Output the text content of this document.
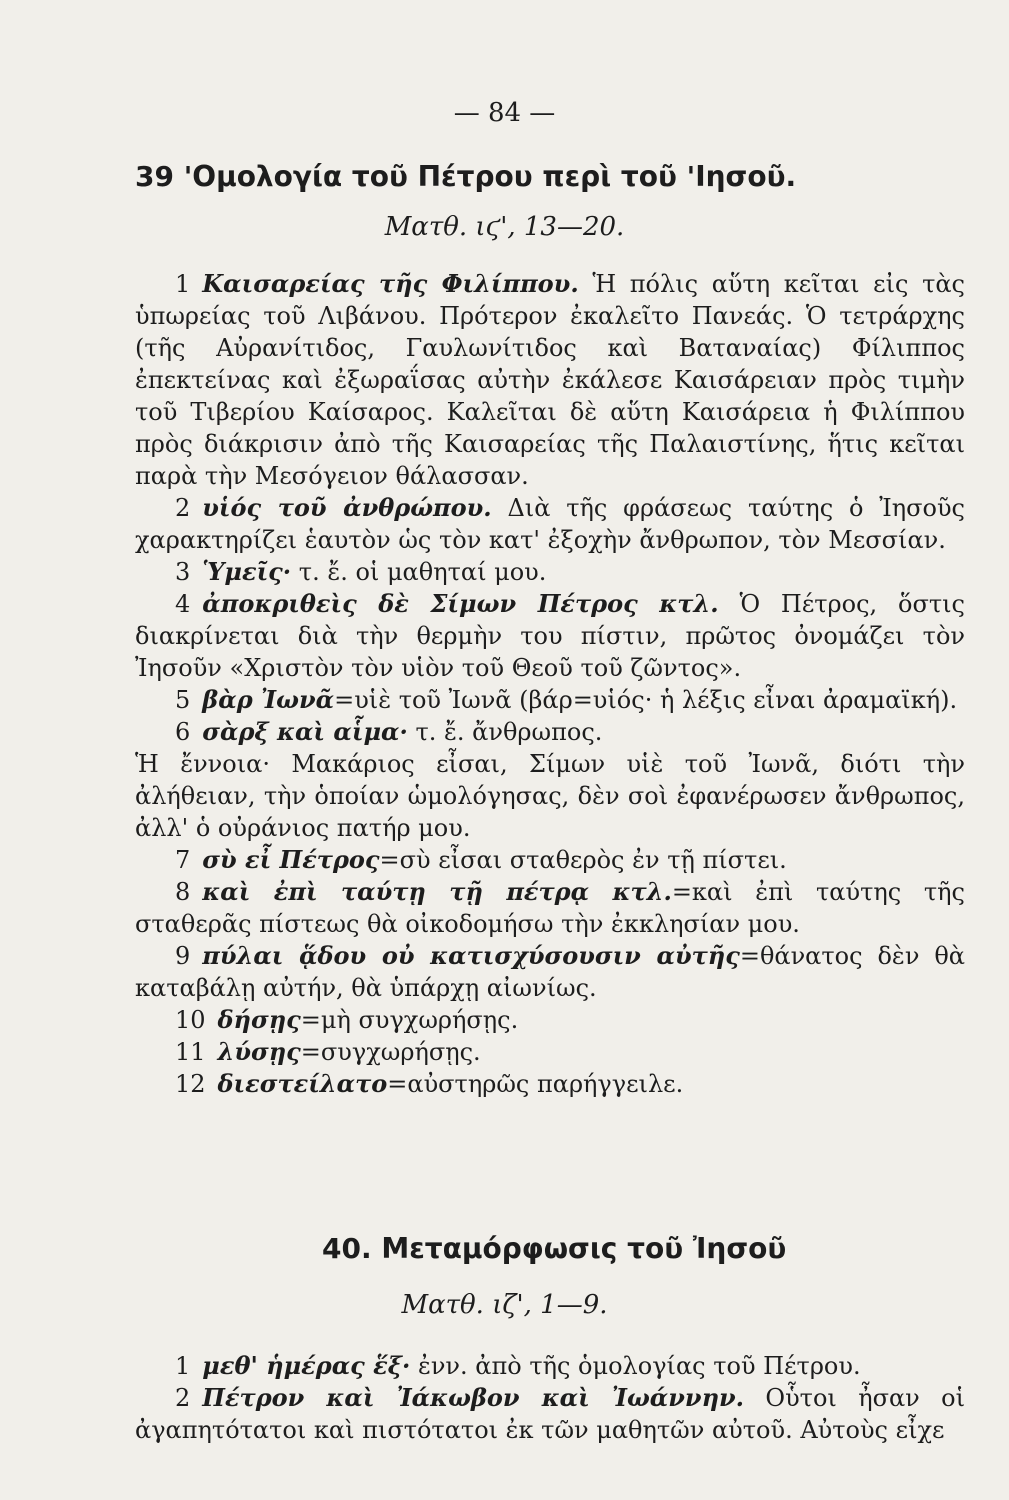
— 84 —
39 'Ομολογία τοῦ Πέτρου περὶ τοῦ 'Ιησοῦ.
Ματθ. ιϛ', 13—20.

1 Καισαρείας τῆς Φιλίππου. Ἡ πόλις αὕτη κεῖται εἰς τὰς ὑπωρείας τοῦ Λιβάνου. Πρότερον ἐκαλεῖτο Πανεάς. Ὁ τετράρχης (τῆς Αὐρανίτιδος, Γαυλωνίτιδος καὶ Βαταναίας) Φίλιππος ἐπεκτείνας καὶ ἐξωραΐσας αὐτὴν ἐκάλεσε Καισάρειαν πρὸς τιμὴν τοῦ Τιβερίου Καίσαρος. Καλεῖται δὲ αὕτη Καισάρεια ἡ Φιλίππου πρὸς διάκρισιν ἀπὸ τῆς Καισαρείας τῆς Παλαιστίνης, ἥτις κεῖται παρὰ τὴν Μεσόγειον θάλασσαν.

2 υἱός τοῦ ἀνθρώπου. Διὰ τῆς φράσεως ταύτης ὁ Ἰησοῦς χαρακτηρίζει ἑαυτὸν ὡς τὸν κατ' ἐξοχὴν ἄνθρωπον, τὸν Μεσσίαν.

3 Ὑμεῖς· τ. ἔ. οἱ μαθηταί μου.

4 ἀποκριθεὶς δὲ Σίμων Πέτρος κτλ. Ὁ Πέτρος, ὅστις διακρίνεται διὰ τὴν θερμὴν του πίστιν, πρῶτος ὀνομάζει τὸν Ἰησοῦν «Χριστὸν τὸν υἱὸν τοῦ Θεοῦ τοῦ ζῶντος».

5 βὰρ Ἰωνᾶ=υἱὲ τοῦ Ἰωνᾶ (βάρ=υἱός· ἡ λέξις εἶναι ἀραμαϊκή).

6 σὰρξ καὶ αἷμα· τ. ἔ. ἄνθρωπος.

Ἡ ἔννοια· Μακάριος εἶσαι, Σίμων υἱὲ τοῦ Ἰωνᾶ, διότι τὴν ἀλήθειαν, τὴν ὁποίαν ὡμολόγησας, δὲν σοὶ ἐφανέρωσεν ἄνθρωπος, ἀλλ' ὁ οὐράνιος πατήρ μου.

7 σὺ εἶ Πέτρος=σὺ εἶσαι σταθερὸς ἐν τῇ πίστει.

8 καὶ ἐπὶ ταύτῃ τῇ πέτρᾳ κτλ.=καὶ ἐπὶ ταύτης τῆς σταθερᾶς πίστεως θὰ οἰκοδομήσω τὴν ἐκκλησίαν μου.

9 πύλαι ᾅδου οὐ κατισχύσουσιν αὐτῆς=θάνατος δὲν θὰ καταβάλῃ αὐτήν, θὰ ὑπάρχῃ αἰωνίως.

10 δήσῃς=μὴ συγχωρήσῃς.

11 λύσῃς=συγχωρήσῃς.

12 διεστείλατο=αὐστηρῶς παρήγγειλε.

40. Μεταμόρφωσις τοῦ Ἰησοῦ
Ματθ. ιζ', 1—9.

1 μεθ' ἡμέρας ἕξ· ἐνν. ἀπὸ τῆς ὁμολογίας τοῦ Πέτρου.

2 Πέτρον καὶ Ἰάκωβον καὶ Ἰωάννην. Οὗτοι ἦσαν οἱ ἀγαπητότατοι καὶ πιστότατοι ἐκ τῶν μαθητῶν αὐτοῦ. Αὐτοὺς εἶχε
